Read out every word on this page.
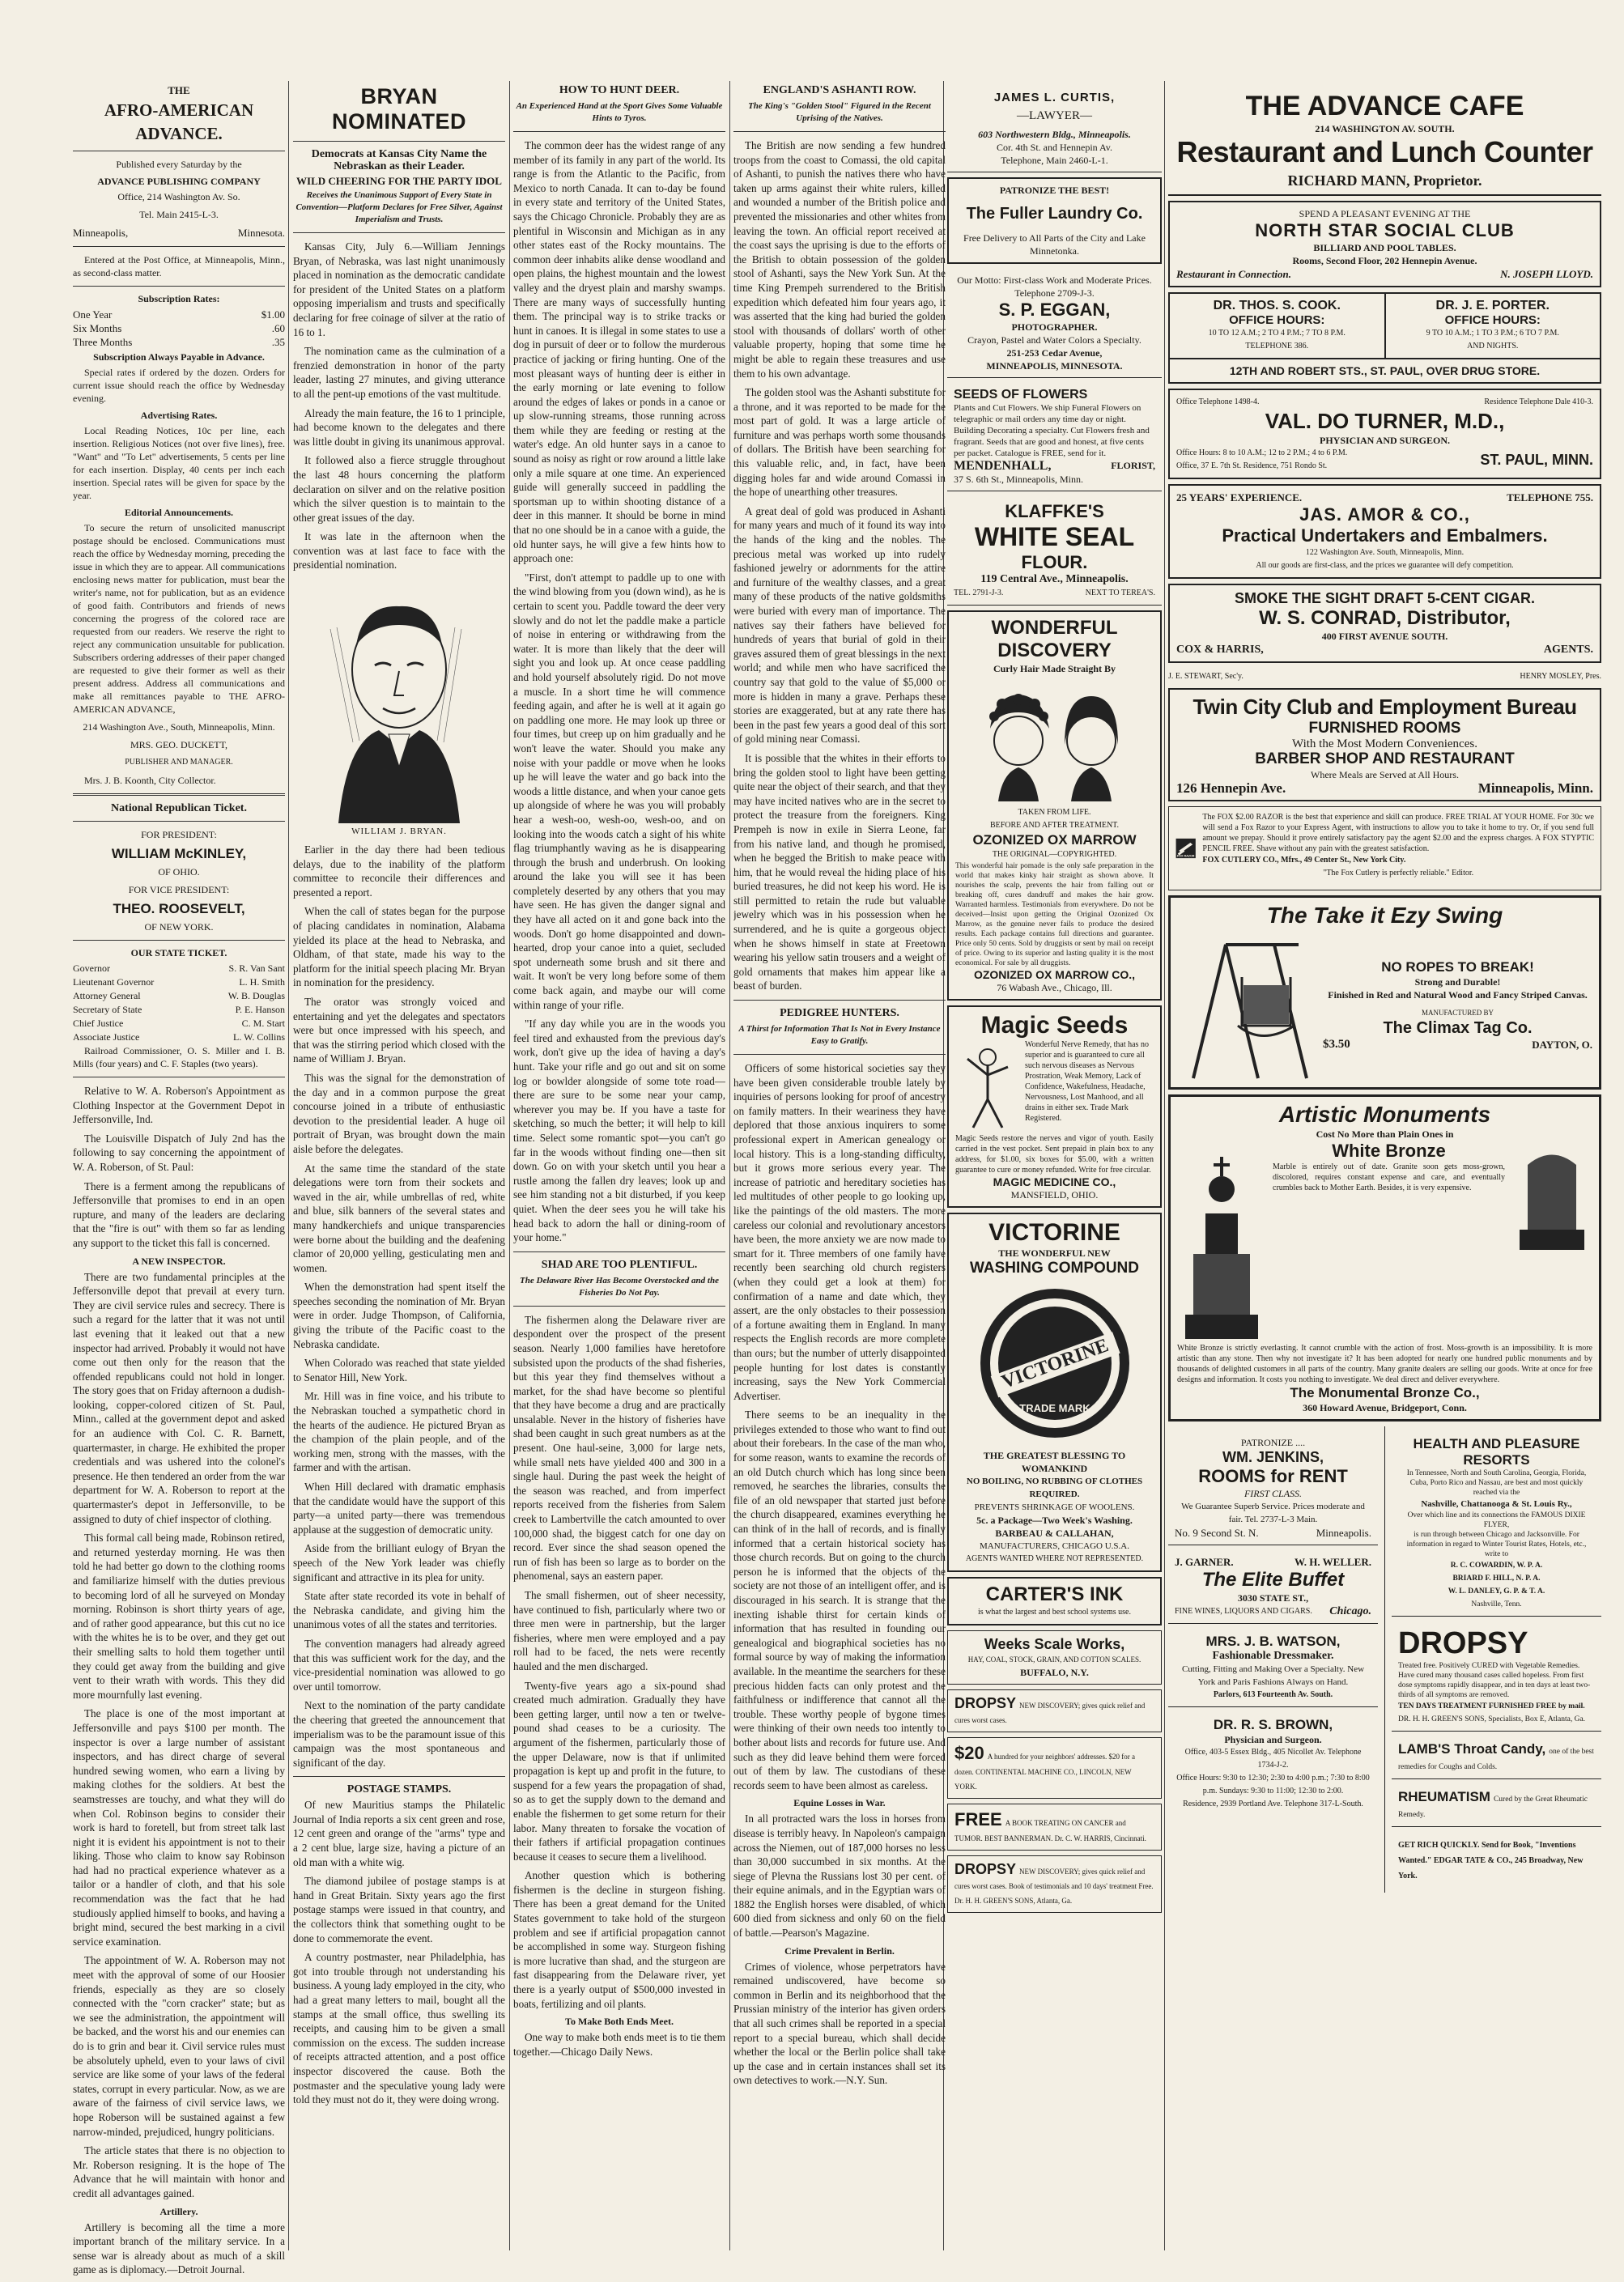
THE
AFRO-AMERICAN
ADVANCE.

Published every Saturday by the

ADVANCE PUBLISHING COMPANY

Office, 214 Washington Av. So.

Tel. Main 2415-L-3.

Minneapolis,	Minnesota.

Entered at the Post Office, at Minneapolis, Minn., as second-class matter.

Subscription Rates:
One Year	$1.00
Six Months	.60
Three Months	.35
Subscription Always Payable in Advance.

Special rates if ordered by the dozen. Orders for current issue should reach the office by Wednesday evening.

Advertising Rates.

Local Reading Notices, 10c per line, each insertion. Religious Notices (not over five lines), free. "Want" and "To Let" advertisements, 5 cents per line for each insertion. Display, 40 cents per inch each insertion. Special rates will be given for space by the year.

Editorial Announcements.

To secure the return of unsolicited manuscript postage should be enclosed. Communications must reach the office by Wednesday morning, preceding the issue in which they are to appear. All communications enclosing news matter for publication, must bear the writer's name, not for publication, but as an evidence of good faith. Contributors and friends of news concerning the progress of the colored race are requested from our readers. We reserve the right to reject any communication unsuitable for publication. Subscribers ordering addresses of their paper changed are requested to give their former as well as their present address. Address all communications and make all remittances payable to THE AFRO-AMERICAN ADVANCE,

214 Washington Ave., South, Minneapolis, Minn.

MRS. GEO. DUCKETT,

PUBLISHER AND MANAGER.

Mrs. J. B. Koonth, City Collector.

National Republican Ticket.

FOR PRESIDENT:

WILLIAM McKINLEY,

OF OHIO.

FOR VICE PRESIDENT:

THEO. ROOSEVELT,

OF NEW YORK.

OUR STATE TICKET.
Governor	S. R. Van Sant
Lieutenant Governor	L. H. Smith
Attorney General	W. B. Douglas
Secretary of State	P. E. Hanson
Chief Justice	C. M. Start
Associate Justice	L. W. Collins

Railroad Commissioner, O. S. Miller and I. B. Mills (four years) and C. F. Staples (two years).

Relative to W. A. Roberson's Appointment as Clothing Inspector at the Government Depot in Jeffersonville, Ind.

The Louisville Dispatch of July 2nd has the following to say concerning the appointment of W. A. Roberson, of St. Paul:

There is a ferment among the republicans of Jeffersonville that promises to end in an open rupture, and many of the leaders are declaring that the "fire is out" with them so far as lending any support to the ticket this fall is concerned.

A NEW INSPECTOR.

There are two fundamental principles at the Jeffersonville depot that prevail at every turn. They are civil service rules and secrecy. There is such a regard for the latter that it was not until last evening that it leaked out that a new inspector had arrived. Probably it would not have come out then only for the reason that the offended republicans could not hold in longer. The story goes that on Friday afternoon a dudish-looking, copper-colored citizen of St. Paul, Minn., called at the government depot and asked for an audience with Col. C. R. Barnett, quartermaster, in charge. He exhibited the proper credentials and was ushered into the colonel's presence. He then tendered an order from the war department for W. A. Roberson to report at the quartermaster's depot in Jeffersonville, to be assigned to duty of chief inspector of clothing.

This formal call being made, Robinson retired, and returned yesterday morning. He was then told he had better go down to the clothing rooms and familiarize himself with the duties previous to becoming lord of all he surveyed on Monday morning. Robinson is short thirty years of age, and of rather good appearance, but this cut no ice with the whites he is to be over, and they get out their smelling salts to hold them together until they could get away from the building and give vent to their wrath with words. This they did more mournfully last evening.

The place is one of the most important at Jeffersonville and pays $100 per month. The inspector is over a large number of assistant inspectors, and has direct charge of several hundred sewing women, who earn a living by making clothes for the soldiers. At best the seamstresses are touchy, and what they will do when Col. Robinson begins to consider their work is hard to foretell, but from street talk last night it is evident his appointment is not to their liking. Those who claim to know say Robinson had had no practical experience whatever as a tailor or a handler of cloth, and that his sole recommendation was the fact that he had studiously applied himself to books, and having a bright mind, secured the best marking in a civil service examination.

The appointment of W. A. Roberson may not meet with the approval of some of our Hoosier friends, especially as they are so closely connected with the "corn cracker" state; but as we see the administration, the appointment will be backed, and the worst his and our enemies can do is to grin and bear it. Civil service rules must be absolutely upheld, even to your laws of civil service are like some of your laws of the federal states, corrupt in every particular. Now, as we are aware of the fairness of civil service laws, we hope Roberson will be sustained against a few narrow-minded, prejudiced, hungry politicians.

The article states that there is no objection to Mr. Roberson resigning. It is the hope of The Advance that he will maintain with honor and credit all advantages gained.

Artillery.

Artillery is becoming all the time a more important branch of the military service. In a sense war is already about as much of a skill game as is diplomacy.—Detroit Journal.

BRYAN NOMINATED
Democrats at Kansas City Name the Nebraskan as their Leader.
WILD CHEERING FOR THE PARTY IDOL
Receives the Unanimous Support of Every State in Convention—Platform Declares for Free Silver, Against Imperialism and Trusts.

Kansas City, July 6.—William Jennings Bryan, of Nebraska, was last night unanimously placed in nomination as the democratic candidate for president of the United States on a platform opposing imperialism and trusts and specifically declaring for free coinage of silver at the ratio of 16 to 1.

The nomination came as the culmination of a frenzied demonstration in honor of the party leader, lasting 27 minutes, and giving utterance to all the pent-up emotions of the vast multitude.

Already the main feature, the 16 to 1 principle, had become known to the delegates and there was little doubt in giving its unanimous approval.

It followed also a fierce struggle throughout the last 48 hours concerning the platform declaration on silver and on the relative position which the silver question is to maintain to the other great issues of the day.

It was late in the afternoon when the convention was at last face to face with the presidential nomination.

WILLIAM J. BRYAN.

Earlier in the day there had been tedious delays, due to the inability of the platform committee to reconcile their differences and presented a report.

When the call of states began for the purpose of placing candidates in nomination, Alabama yielded its place at the head to Nebraska, and Oldham, of that state, made his way to the platform for the initial speech placing Mr. Bryan in nomination for the presidency.

The orator was strongly voiced and entertaining and yet the delegates and spectators were but once impressed with his speech, and that was the stirring period which closed with the name of William J. Bryan.

This was the signal for the demonstration of the day and in a common purpose the great concourse joined in a tribute of enthusiastic devotion to the presidential leader. A huge oil portrait of Bryan, was brought down the main aisle before the delegates.

At the same time the standard of the state delegations were torn from their sockets and waved in the air, while umbrellas of red, white and blue, silk banners of the several states and many handkerchiefs and unique transparencies were borne about the building and the deafening clamor of 20,000 yelling, gesticulating men and women.

When the demonstration had spent itself the speeches seconding the nomination of Mr. Bryan were in order. Judge Thompson, of California, giving the tribute of the Pacific coast to the Nebraska candidate.

When Colorado was reached that state yielded to Senator Hill, New York.

Mr. Hill was in fine voice, and his tribute to the Nebraskan touched a sympathetic chord in the hearts of the audience. He pictured Bryan as the champion of the plain people, and of the working men, strong with the masses, with the farmer and with the artisan.

When Hill declared with dramatic emphasis that the candidate would have the support of this party—a united party—there was tremendous applause at the suggestion of democratic unity.

Aside from the brilliant eulogy of Bryan the speech of the New York leader was chiefly significant and attractive in its plea for unity.

State after state recorded its vote in behalf of the Nebraska candidate, and giving him the unanimous votes of all the states and territories.

The convention managers had already agreed that this was sufficient work for the day, and the vice-presidential nomination was allowed to go over until tomorrow.

Next to the nomination of the party candidate the cheering that greeted the announcement that imperialism was to be the paramount issue of this campaign was the most spontaneous and significant of the day.

POSTAGE STAMPS.

Of new Mauritius stamps the Philatelic Journal of India reports a six cent green and rose, 12 cent green and orange of the "arms" type and a 2 cent blue, large size, having a picture of an old man with a white wig.

The diamond jubilee of postage stamps is at hand in Great Britain. Sixty years ago the first postage stamps were issued in that country, and the collectors think that something ought to be done to commemorate the event.

A country postmaster, near Philadelphia, has got into trouble through not understanding his business. A young lady employed in the city, who had a great many letters to mail, bought all the stamps at the small office, thus swelling its receipts, and causing him to be given a small commission on the excess. The sudden increase of receipts attracted attention, and a post office inspector discovered the cause. Both the postmaster and the speculative young lady were told they must not do it, they were doing wrong.

HOW TO HUNT DEER.
An Experienced Hand at the Sport Gives Some Valuable Hints to Tyros.

The common deer has the widest range of any member of its family in any part of the world. Its range is from the Atlantic to the Pacific, from Mexico to north Canada. It can to-day be found in every state and territory of the United States, says the Chicago Chronicle. Probably they are as plentiful in Wisconsin and Michigan as in any other states east of the Rocky mountains. The common deer inhabits alike dense woodland and open plains, the highest mountain and the lowest valley and the dryest plain and marshy swamps. There are many ways of successfully hunting them. The principal way is to strike tracks or hunt in canoes. It is illegal in some states to use a dog in pursuit of deer or to follow the murderous practice of jacking or firing hunting. One of the most pleasant ways of hunting deer is either in the early morning or late evening to follow around the edges of lakes or ponds in a canoe or up slow-running streams, those running across them while they are feeding or resting at the water's edge. An old hunter says in a canoe to sound as noisy as right or row around a little lake only a mile square at one time. An experienced guide will generally succeed in paddling the sportsman up to within shooting distance of a deer in this manner. It should be borne in mind that no one should be in a canoe with a guide, the old hunter says, he will give a few hints how to approach one:

"First, don't attempt to paddle up to one with the wind blowing from you (down wind), as he is certain to scent you. Paddle toward the deer very slowly and do not let the paddle make a particle of noise in entering or withdrawing from the water. It is more than likely that the deer will sight you and look up. At once cease paddling and hold yourself absolutely rigid. Do not move a muscle. In a short time he will commence feeding again, and after he is well at it again go on paddling one more. He may look up three or four times, but creep up on him gradually and he won't leave the water. Should you make any noise with your paddle or move when he looks up he will leave the water and go back into the woods a little distance, and when your canoe gets up alongside of where he was you will probably hear a wesh-oo, wesh-oo, wesh-oo, and on looking into the woods catch a sight of his white flag triumphantly waving as he is disappearing through the brush and underbrush. On looking around the lake you will see it has been completely deserted by any others that you may have seen. He has given the danger signal and they have all acted on it and gone back into the woods. Don't go home disappointed and down-hearted, drop your canoe into a quiet, secluded spot underneath some brush and sit there and wait. It won't be very long before some of them come back again, and maybe our will come within range of your rifle.

"If any day while you are in the woods you feel tired and exhausted from the previous day's work, don't give up the idea of having a day's hunt. Take your rifle and go out and sit on some log or bowlder alongside of some tote road—there are sure to be some near your camp, wherever you may be. If you have a taste for sketching, so much the better; it will help to kill time. Select some romantic spot—you can't go far in the woods without finding one—then sit down. Go on with your sketch until you hear a rustle among the fallen dry leaves; look up and see him standing not a bit disturbed, if you keep quiet. When the deer sees you he will take his head back to adorn the hall or dining-room of your home."

SHAD ARE TOO PLENTIFUL.
The Delaware River Has Become Overstocked and the Fisheries Do Not Pay.

The fishermen along the Delaware river are despondent over the prospect of the present season. Nearly 1,000 families have heretofore subsisted upon the products of the shad fisheries, but this year they find themselves without a market, for the shad have become so plentiful that they have become a drug and are practically unsalable. Never in the history of fisheries have shad been caught in such great numbers as at the present. One haul-seine, 3,000 for large nets, while small nets have yielded 400 and 300 in a single haul. During the past week the height of the season was reached, and from imperfect reports received from the fisheries from Salem creek to Lambertville the catch amounted to over 100,000 shad, the biggest catch for one day on record. Ever since the shad season opened the run of fish has been so large as to border on the phenomenal, says an eastern paper.

The small fishermen, out of sheer necessity, have continued to fish, particularly where two or three men were in partnership, but the larger fisheries, where men were employed and a pay roll had to be faced, the nets were recently hauled and the men discharged.

Twenty-five years ago a six-pound shad created much admiration. Gradually they have been getting larger, until now a ten or twelve-pound shad ceases to be a curiosity. The argument of the fishermen, particularly those of the upper Delaware, now is that if unlimited propagation is kept up and profit in the future, to suspend for a few years the propagation of shad, so as to get the supply down to the demand and enable the fishermen to get some return for their labor. Many threaten to forsake the vocation of their fathers if artificial propagation continues because it ceases to secure them a livelihood.

Another question which is bothering fishermen is the decline in sturgeon fishing. There has been a great demand for the United States government to take hold of the sturgeon problem and see if artificial propagation cannot be accomplished in some way. Sturgeon fishing is more lucrative than shad, and the sturgeon are fast disappearing from the Delaware river, yet there is a yearly output of $500,000 invested in boats, fertilizing and oil plants.

To Make Both Ends Meet.

One way to make both ends meet is to tie them together.—Chicago Daily News.

ENGLAND'S ASHANTI ROW.
The King's "Golden Stool" Figured in the Recent Uprising of the Natives.

The British are now sending a few hundred troops from the coast to Comassi, the old capital of Ashanti, to punish the natives there who have taken up arms against their white rulers, killed and wounded a number of the British police and prevented the missionaries and other whites from leaving the town. An official report received at the coast says the uprising is due to the efforts of the British to obtain possession of the golden stool of Ashanti, says the New York Sun. At the time King Prempeh surrendered to the British expedition which defeated him four years ago, it was asserted that the king had buried the golden stool with thousands of dollars' worth of other valuable property, hoping that some time he might be able to regain these treasures and use them to his own advantage.

The golden stool was the Ashanti substitute for a throne, and it was reported to be made for the most part of gold. It was a large article of furniture and was perhaps worth some thousands of dollars. The British have been searching for this valuable relic, and, in fact, have been digging holes far and wide around Comassi in the hope of unearthing other treasures.

A great deal of gold was produced in Ashanti for many years and much of it found its way into the hands of the king and the nobles. The precious metal was worked up into rudely fashioned jewelry or adornments for the attire and furniture of the wealthy classes, and a great many of these products of the native goldsmiths were buried with every man of importance. The natives say their fathers have believed for hundreds of years that burial of gold in their graves assured them of great blessings in the next world; and while men who have sacrificed the country say that gold to the value of $5,000 or more is hidden in many a grave. Perhaps these stories are exaggerated, but at any rate there has been in the past few years a good deal of this sort of gold mining near Comassi.

It is possible that the whites in their efforts to bring the golden stool to light have been getting quite near the object of their search, and that they may have incited natives who are in the secret to protect the treasure from the foreigners. King Prempeh is now in exile in Sierra Leone, far from his native land, and though he promised, when he begged the British to make peace with him, that he would reveal the hiding place of his buried treasures, he did not keep his word. He is still permitted to retain the rude but valuable jewelry which was in his possession when he surrendered, and he is quite a gorgeous object when he shows himself in state at Freetown wearing his yellow satin trousers and a weight of gold ornaments that makes him appear like a beast of burden.

PEDIGREE HUNTERS.
A Thirst for Information That Is Not in Every Instance Easy to Gratify.

Officers of some historical societies say they have been given considerable trouble lately by inquiries of persons looking for proof of ancestry on family matters. In their weariness they have deplored that those anxious inquirers to some professional expert in American genealogy or local history. This is a long-standing difficulty, but it grows more serious every year. The increase of patriotic and hereditary societies has led multitudes of other people to go looking up, like the paintings of the old masters. The more careless our colonial and revolutionary ancestors have been, the more anxiety we are now made to smart for it. Three members of one family have recently been searching old church registers (when they could get a look at them) for confirmation of a name and date which, they assert, are the only obstacles to their possession of a fortune awaiting them in England. In many respects the English records are more complete than ours; but the number of utterly disappointed people hunting for lost dates is constantly increasing, says the New York Commercial Advertiser.

There seems to be an inequality in the privileges extended to those who want to find out about their forebears. In the case of the man who, for some reason, wants to examine the records of an old Dutch church which has long since been removed, he searches the libraries, consults the file of an old newspaper that started just before the church disappeared, examines everything he can think of in the hall of records, and is finally informed that a certain historical society has those church records. But on going to the church person he is informed that the objects of the society are not those of an intelligent offer, and is discouraged in his search. It is strange that the inexting ishable thirst for certain kinds of information that has resulted in founding our genealogical and biographical societies has no formal source by way of making the information available. In the meantime the searchers for these precious hidden facts can only protest and the faithfulness or indifference that cannot all the trouble. These worthy people of bygone times were thinking of their own needs too intently to bother about lists and records for future use. And such as they did leave behind them were forced out of them by law. The custodians of these records seem to have been almost as careless.

Equine Losses in War.

In all protracted wars the loss in horses from disease is terribly heavy. In Napoleon's campaign across the Niemen, out of 187,000 horses no less than 30,000 succumbed in six months. At the siege of Plevna the Russians lost 30 per cent. of their equine animals, and in the Egyptian wars of 1882 the English horses were disabled, of which 600 died from sickness and only 60 on the field of battle.—Pearson's Magazine.

Crime Prevalent in Berlin.

Crimes of violence, whose perpetrators have remained undiscovered, have become so common in Berlin and its neighborhood that the Prussian ministry of the interior has given orders that all such crimes shall be reported in a special report to a special bureau, which shall decide whether the local or the Berlin police shall take up the case and in certain instances shall set its own detectives to work.—N.Y. Sun.

JAMES L. CURTIS,
—LAWYER—
603 Northwestern Bldg., Minneapolis.
Cor. 4th St. and Hennepin Av.
Telephone, Main 2460-L-1.
PATRONIZE THE BEST!
The Fuller Laundry Co.
Free Delivery to All Parts of the City and Lake Minnetonka.
Our Motto: First-class Work and Moderate Prices.
Telephone 2709-J-3.
S. P. EGGAN,
PHOTOGRAPHER.
Crayon, Pastel and Water Colors a Specialty.
251-253 Cedar Avenue,
MINNEAPOLIS, MINNESOTA.
SEEDS OF FLOWERS
Plants and Cut Flowers. We ship Funeral Flowers on telegraphic or mail orders any time day or night. Building Decorating a specialty. Cut Flowers fresh and fragrant. Seeds that are good and honest, at five cents per packet. Catalogue is FREE, send for it.
MENDENHALL,	FLORIST,
37 S. 6th St., Minneapolis, Minn.
KLAFFKE'S
WHITE SEAL
FLOUR.
119 Central Ave., Minneapolis.
TEL. 2791-J-3.	NEXT TO TEREA'S.
WONDERFUL
DISCOVERY
Curly Hair Made Straight By
TAKEN FROM LIFE.
BEFORE AND AFTER TREATMENT.
OZONIZED OX MARROW
THE ORIGINAL—COPYRIGHTED.
This wonderful hair pomade is the only safe preparation in the world that makes kinky hair straight as shown above. It nourishes the scalp, prevents the hair from falling out or breaking off, cures dandruff and makes the hair grow. Warranted harmless. Testimonials from everywhere. Do not be deceived—Insist upon getting the Original Ozonized Ox Marrow, as the genuine never fails to produce the desired results. Each package contains full directions and guarantee. Price only 50 cents. Sold by druggists or sent by mail on receipt of price. Owing to its superior and lasting quality it is the most economical. For sale by all druggists.
OZONIZED OX MARROW CO.,
76 Wabash Ave., Chicago, Ill.
Magic Seeds
Wonderful Nerve Remedy, that has no superior and is guaranteed to cure all such nervous diseases as Nervous Prostration, Weak Memory, Lack of Confidence, Wakefulness, Headache, Nervousness, Lost Manhood, and all drains in either sex. Trade Mark Registered.
Magic Seeds restore the nerves and vigor of youth. Easily carried in the vest pocket. Sent prepaid in plain box to any address, for $1.00, six boxes for $5.00, with a written guarantee to cure or money refunded. Write for free circular.
MAGIC MEDICINE CO.,
MANSFIELD, OHIO.
VICTORINE
THE WONDERFUL NEW
WASHING COMPOUND
VICTORINE
TRADE MARK
THE GREATEST BLESSING TO WOMANKIND
NO BOILING, NO RUBBING OF CLOTHES REQUIRED.
PREVENTS SHRINKAGE OF WOOLENS.
5c. a Package—Two Week's Washing.
BARBEAU & CALLAHAN,
MANUFACTURERS, CHICAGO U.S.A.
AGENTS WANTED WHERE NOT REPRESENTED.
CARTER'S INK
is what the largest and best school systems use.
Weeks Scale Works,
HAY, COAL, STOCK, GRAIN, AND COTTON SCALES.
BUFFALO, N.Y.
DROPSY NEW DISCOVERY; gives quick relief and cures worst cases.
$20 A hundred for your neighbors' addresses. $20 for a dozen. CONTINENTAL MACHINE CO., LINCOLN, NEW YORK.
FREE A BOOK TREATING ON CANCER and TUMOR. BEST BANNERMAN. Dr. C. W. HARRIS, Cincinnati.
DROPSY NEW DISCOVERY; gives quick relief and cures worst cases. Book of testimonials and 10 days' treatment Free. Dr. H. H. GREEN'S SONS, Atlanta, Ga.
THE ADVANCE CAFE
214 WASHINGTON AV. SOUTH.
Restaurant and Lunch Counter
RICHARD MANN, Proprietor.
SPEND A PLEASANT EVENING AT THE
NORTH STAR SOCIAL CLUB
BILLIARD AND POOL TABLES.
Rooms, Second Floor, 202 Hennepin Avenue.
Restaurant in Connection.	N. JOSEPH LLOYD.
DR. THOS. S. COOK.
OFFICE HOURS:
10 TO 12 A.M.; 2 TO 4 P.M.; 7 TO 8 P.M.
TELEPHONE 386.
DR. J. E. PORTER.
OFFICE HOURS:
9 TO 10 A.M.; 1 TO 3 P.M.; 6 TO 7 P.M.
AND NIGHTS.
12TH AND ROBERT STS., ST. PAUL, OVER DRUG STORE.
Office Telephone 1498-4.	Residence Telephone Dale 410-3.
VAL. DO TURNER, M.D.,
PHYSICIAN AND SURGEON.
Office Hours: 8 to 10 A.M.; 12 to 2 P.M.; 4 to 6 P.M.
Office, 37 E. 7th St. Residence, 751 Rondo St.	ST. PAUL, MINN.
25 YEARS' EXPERIENCE.	TELEPHONE 755.
JAS. AMOR & CO.,
Practical Undertakers and Embalmers.
122 Washington Ave. South, Minneapolis, Minn.
All our goods are first-class, and the prices we guarantee will defy competition.
SMOKE THE SIGHT DRAFT 5-CENT CIGAR.
W. S. CONRAD, Distributor,
400 FIRST AVENUE SOUTH.
COX & HARRIS,	AGENTS.
J. E. STEWART, Sec'y.	HENRY MOSLEY, Pres.
Twin City Club and Employment Bureau
FURNISHED ROOMS
With the Most Modern Conveniences.
BARBER SHOP AND RESTAURANT
Where Meals are Served at All Hours.
126 Hennepin Ave.	Minneapolis, Minn.
FOX RAZOR
The FOX $2.00 RAZOR is the best that experience and skill can produce. FREE TRIAL AT YOUR HOME. For 30c we will send a Fox Razor to your Express Agent, with instructions to allow you to take it home to try. Or, if you send full amount we prepay. Should it prove entirely satisfactory pay the agent $2.00 and the express charges. A FOX STYPTIC PENCIL FREE. Shave without any pain with the greatest satisfaction.
FOX CUTLERY CO., Mfrs., 49 Center St., New York City.
"The Fox Cutlery is perfectly reliable." Editor.
The Take it Ezy Swing
NO ROPES TO BREAK!
Strong and Durable!
Finished in Red and Natural Wood and Fancy Striped Canvas.
MANUFACTURED BY
The Climax Tag Co.
$3.50	DAYTON, O.
Artistic Monuments
Cost No More than Plain Ones in
White Bronze
Marble is entirely out of date. Granite soon gets moss-grown, discolored, requires constant expense and care, and eventually crumbles back to Mother Earth. Besides, it is very expensive.
White Bronze is strictly everlasting. It cannot crumble with the action of frost. Moss-growth is an impossibility. It is more artistic than any stone. Then why not investigate it? It has been adopted for nearly one hundred public monuments and by thousands of delighted customers in all parts of the country. Many granite dealers are selling our goods. Write at once for free designs and information. It costs you nothing to investigate. We deal direct and deliver everywhere.
The Monumental Bronze Co.,
360 Howard Avenue, Bridgeport, Conn.
PATRONIZE ....
WM. JENKINS,
ROOMS for RENT
FIRST CLASS.
We Guarantee Superb Service. Prices moderate and fair. Tel. 2737-L-3 Main.
No. 9 Second St. N.	Minneapolis.
J. GARNER.	W. H. WELLER.
The Elite Buffet
3030 STATE ST.,
FINE WINES, LIQUORS AND CIGARS. Chicago.
MRS. J. B. WATSON,
Fashionable Dressmaker.
Cutting, Fitting and Making Over a Specialty. New York and Paris Fashions Always on Hand.
Parlors, 613 Fourteenth Av. South.
DR. R. S. BROWN,
Physician and Surgeon.
Office, 403-5 Essex Bldg., 405 Nicollet Av. Telephone 1734-J-2.
Office Hours: 9:30 to 12:30; 2:30 to 4:00 p.m.; 7:30 to 8:00 p.m. Sundays: 9:30 to 11:00; 12:30 to 2:00.
Residence, 2939 Portland Ave. Telephone 317-L-South.
HEALTH AND PLEASURE RESORTS
In Tennessee, North and South Carolina, Georgia, Florida, Cuba, Porto Rico and Nassau, are best and most quickly reached via the
Nashville, Chattanooga & St. Louis Ry.,
Over which line and its connections the FAMOUS DIXIE FLYER,
is run through between Chicago and Jacksonville. For information in regard to Winter Tourist Rates, Hotels, etc., write to
R. C. COWARDIN, W. P. A.
BRIARD F. HILL, N. P. A.
W. L. DANLEY, G. P. & T. A.
Nashville, Tenn.
DROPSY
Treated free. Positively CURED with Vegetable Remedies. Have cured many thousand cases called hopeless. From first dose symptoms rapidly disappear, and in ten days at least two-thirds of all symptoms are removed.
TEN DAYS TREATMENT FURNISHED FREE by mail.
DR. H. H. GREEN'S SONS, Specialists, Box E, Atlanta, Ga.
LAMB'S Throat Candy, one of the best remedies for Coughs and Colds.
RHEUMATISM Cured by the Great Rheumatic Remedy.
GET RICH QUICKLY. Send for Book, "Inventions Wanted." EDGAR TATE & CO., 245 Broadway, New York.
